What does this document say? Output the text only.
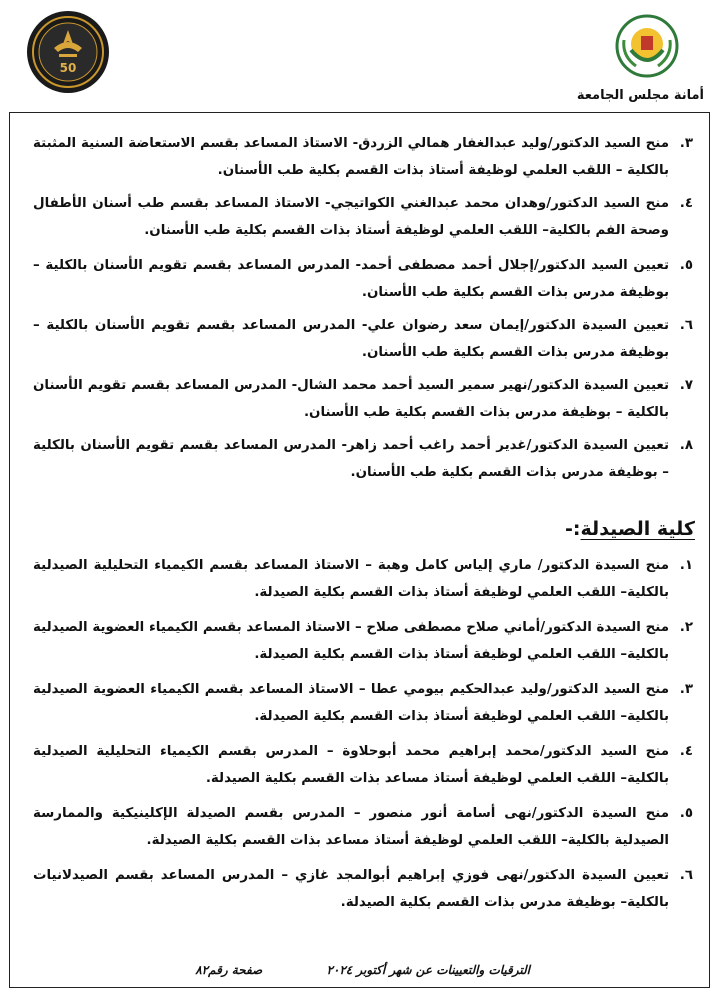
50
أمانة مجلس الجامعة
٣.
منح السيد الدكتور/وليد عبدالغفار همالي الزردق- الاستاذ المساعد بقسم الاستعاضة السنية المثبتة بالكلية – اللقب العلمي لوظيفة أستاذ بذات القسم بكلية طب الأسنان.
٤.
منح السيد الدكتور/وهدان محمد عبدالغني الكواتيجي- الاستاذ المساعد بقسم طب أسنان الأطفال وصحة الفم بالكلية– اللقب العلمي لوظيفة أستاذ بذات القسم بكلية طب الأسنان.
٥.
تعيين السيد الدكتور/إجلال أحمد مصطفى أحمد- المدرس المساعد بقسم تقويم الأسنان بالكلية – بوظيفة مدرس بذات القسم بكلية طب الأسنان.
٦.
تعيين السيدة الدكتور/إيمان سعد رضوان علي- المدرس المساعد بقسم تقويم الأسنان بالكلية – بوظيفة مدرس بذات القسم بكلية طب الأسنان.
٧.
تعيين السيدة الدكتور/نهير سمير السيد أحمد محمد الشال- المدرس المساعد بقسم تقويم الأسنان بالكلية – بوظيفة مدرس بذات القسم بكلية طب الأسنان.
٨.
تعيين السيدة الدكتور/غدير أحمد راغب أحمد زاهر- المدرس المساعد بقسم تقويم الأسنان بالكلية – بوظيفة مدرس بذات القسم بكلية طب الأسنان.
كلية الصيدلة:-
١.
منح السيدة الدكتور/ ماري إلياس كامل وهبة – الاستاذ المساعد بقسم الكيمياء التحليلية الصيدلية بالكلية– اللقب العلمي لوظيفة أستاذ بذات القسم بكلية الصيدلة.
٢.
منح السيدة الدكتور/أماني صلاح مصطفى صلاح – الاستاذ المساعد بقسم الكيمياء العضوية الصيدلية بالكلية– اللقب العلمي لوظيفة أستاذ بذات القسم بكلية الصيدلة.
٣.
منح السيد الدكتور/وليد عبدالحكيم بيومي عطا – الاستاذ المساعد بقسم الكيمياء العضوية الصيدلية بالكلية– اللقب العلمي لوظيفة أستاذ بذات القسم بكلية الصيدلة.
٤.
منح السيد الدكتور/محمد إبراهيم محمد أبوحلاوة – المدرس بقسم الكيمياء التحليلية الصيدلية بالكلية– اللقب العلمي لوظيفة أستاذ مساعد بذات القسم بكلية الصيدلة.
٥.
منح السيدة الدكتور/نهى أسامة أنور منصور – المدرس بقسم الصيدلة الإكلينيكية والممارسة الصيدلية بالكلية– اللقب العلمي لوظيفة أستاذ مساعد بذات القسم بكلية الصيدلة.
٦.
تعيين السيدة الدكتور/نهى فوزي إبراهيم أبوالمجد غازي – المدرس المساعد بقسم الصيدلانيات بالكلية– بوظيفة مدرس بذات القسم بكلية الصيدلة.
الترقيات والتعيينات عن شهر أكتوبر ٢٠٢٤ صفحة رقم٨٢
